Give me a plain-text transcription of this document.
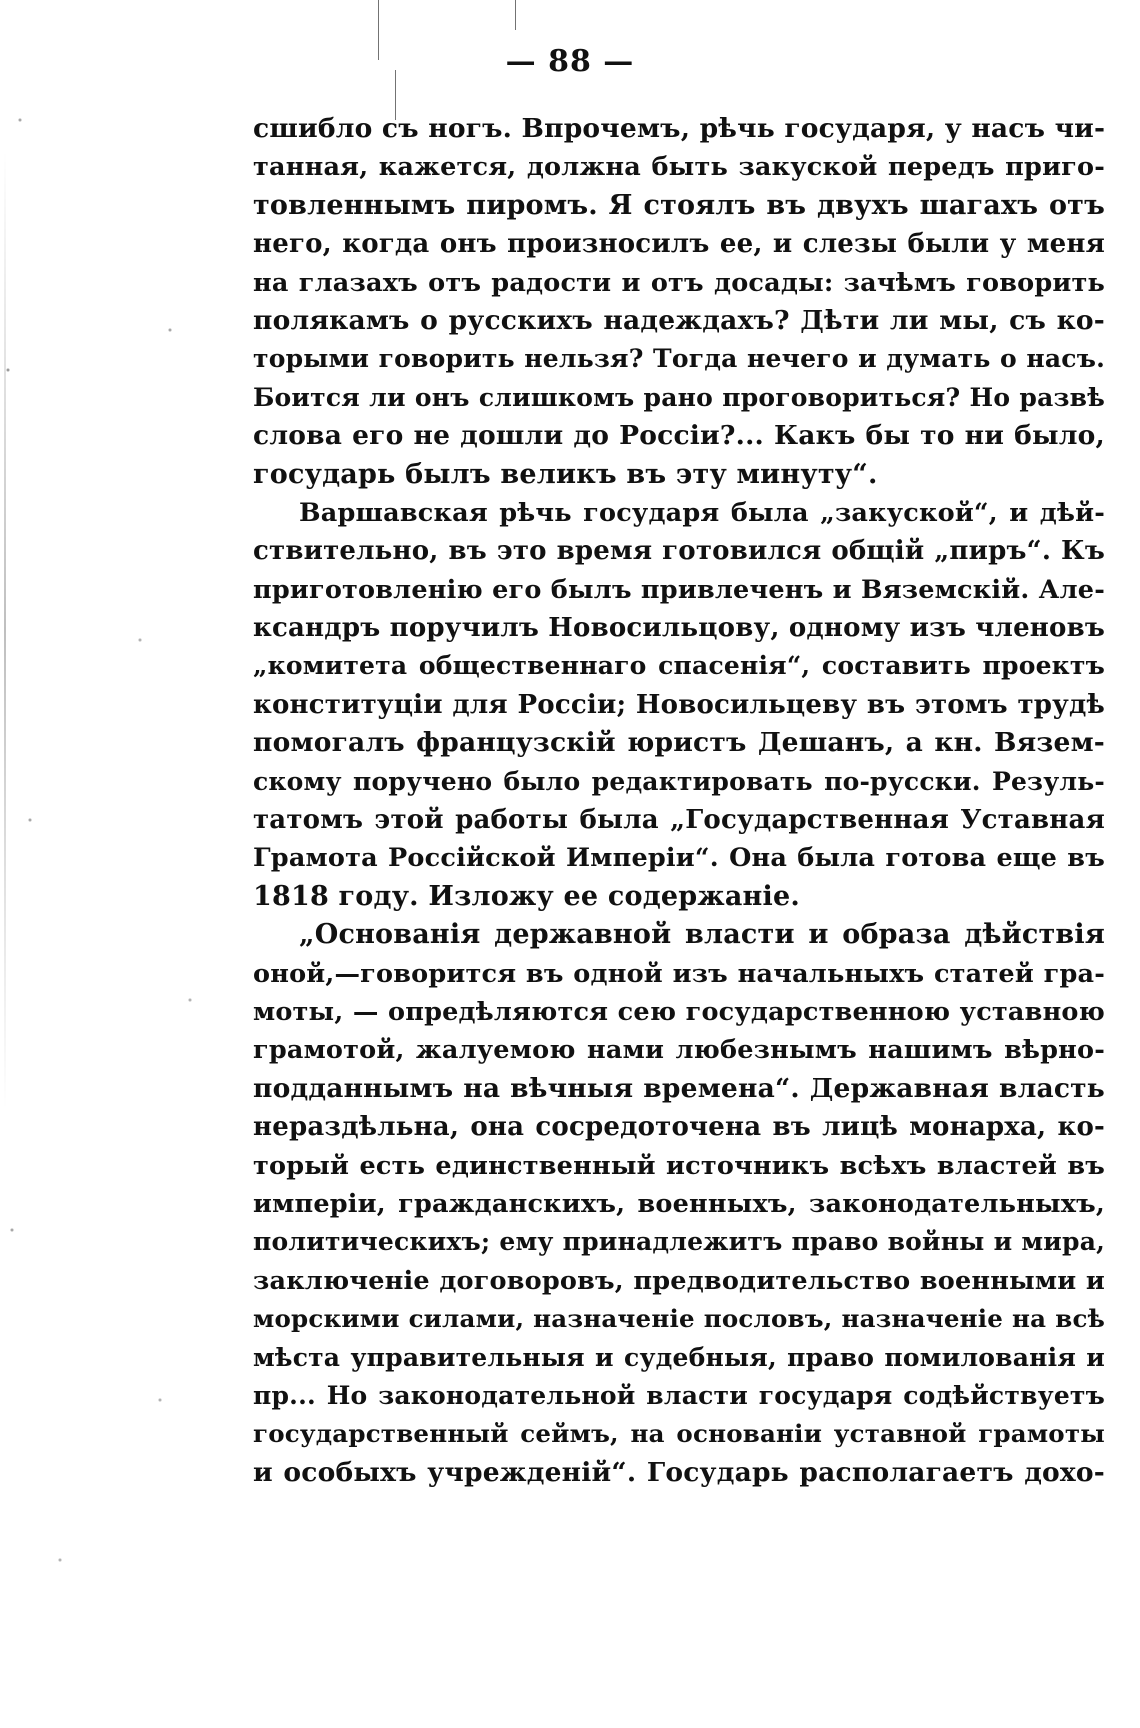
— 88 —
сшибло съ ногъ. Впрочемъ, рѣчь государя, у насъ чи-
танная, кажется, должна быть закуской передъ приго-
товленнымъ пиромъ. Я стоялъ въ двухъ шагахъ отъ
него, когда онъ произносилъ ее, и слезы были у меня
на глазахъ отъ радости и отъ досады: зачѣмъ говорить
полякамъ о русскихъ надеждахъ? Дѣти ли мы, съ ко-
торыми говорить нельзя? Тогда нечего и думать о насъ.
Боится ли онъ слишкомъ рано проговориться? Но развѣ
слова его не дошли до Россіи?... Какъ бы то ни было,
государь былъ великъ въ эту минуту“.
Варшавская рѣчь государя была „закуской“, и дѣй-
ствительно, въ это время готовился общій „пиръ“. Къ
приготовленію его былъ привлеченъ и Вяземскій. Але-
ксандръ поручилъ Новосильцову, одному изъ членовъ
„комитета общественнаго спасенія“, составить проектъ
конституціи для Россіи; Новосильцеву въ этомъ трудѣ
помогалъ французскій юристъ Дешанъ, а кн. Вязем-
скому поручено было редактировать по-русски. Резуль-
татомъ этой работы была „Государственная Уставная
Грамота Россійской Имперіи“. Она была готова еще въ
1818 году. Изложу ее содержаніе.
„Основанія державной власти и образа дѣйствія
оной,—говорится въ одной изъ начальныхъ статей гра-
моты, — опредѣляются сею государственною уставною
грамотой, жалуемою нами любезнымъ нашимъ вѣрно-
подданнымъ на вѣчныя времена“. Державная власть
нераздѣльна, она сосредоточена въ лицѣ монарха, ко-
торый есть единственный источникъ всѣхъ властей въ
имперіи, гражданскихъ, военныхъ, законодательныхъ,
политическихъ; ему принадлежитъ право войны и мира,
заключеніе договоровъ, предводительство военными и
морскими силами, назначеніе пословъ, назначеніе на всѣ
мѣста управительныя и судебныя, право помилованія и
пр... Но законодательной власти государя содѣйствуетъ
государственный сеймъ, на основаніи уставной грамоты
и особыхъ учрежденій“. Государь располагаетъ дохо-
